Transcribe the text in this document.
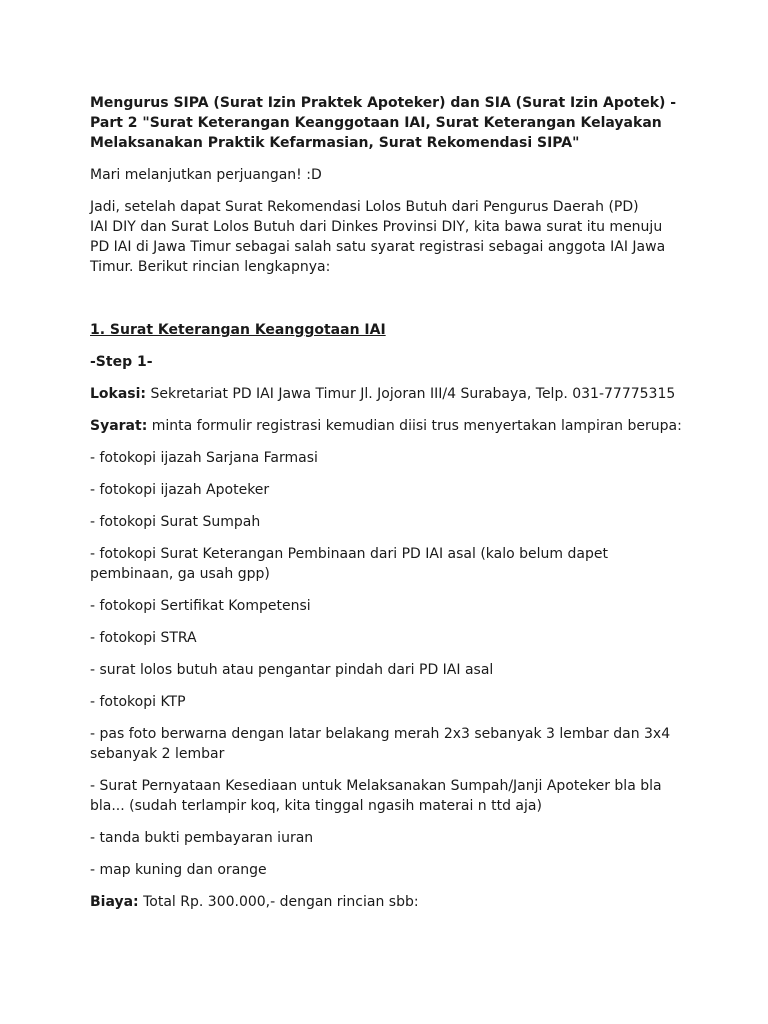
Mengurus SIPA (Surat Izin Praktek Apoteker) dan SIA (Surat Izin Apotek) -
Part 2 "Surat Keterangan Keanggotaan IAI, Surat Keterangan Kelayakan
Melaksanakan Praktik Kefarmasian, Surat Rekomendasi SIPA"
Mari melanjutkan perjuangan! :D
Jadi, setelah dapat Surat Rekomendasi Lolos Butuh dari Pengurus Daerah (PD)
IAI DIY dan Surat Lolos Butuh dari Dinkes Provinsi DIY, kita bawa surat itu menuju
PD IAI di Jawa Timur sebagai salah satu syarat registrasi sebagai anggota IAI Jawa
Timur. Berikut rincian lengkapnya:
1. Surat Keterangan Keanggotaan IAI
-Step 1-
Lokasi: Sekretariat PD IAI Jawa Timur Jl. Jojoran III/4 Surabaya, Telp. 031-77775315
Syarat: minta formulir registrasi kemudian diisi trus menyertakan lampiran berupa:
- fotokopi ijazah Sarjana Farmasi
- fotokopi ijazah Apoteker
- fotokopi Surat Sumpah
- fotokopi Surat Keterangan Pembinaan dari PD IAI asal (kalo belum dapet
pembinaan, ga usah gpp)
- fotokopi Sertifikat Kompetensi
- fotokopi STRA
- surat lolos butuh atau pengantar pindah dari PD IAI asal
- fotokopi KTP
- pas foto berwarna dengan latar belakang merah 2x3 sebanyak 3 lembar dan 3x4
sebanyak 2 lembar
- Surat Pernyataan Kesediaan untuk Melaksanakan Sumpah/Janji Apoteker bla bla
bla... (sudah terlampir koq, kita tinggal ngasih materai n ttd aja)
- tanda bukti pembayaran iuran
- map kuning dan orange
Biaya: Total Rp. 300.000,- dengan rincian sbb:
